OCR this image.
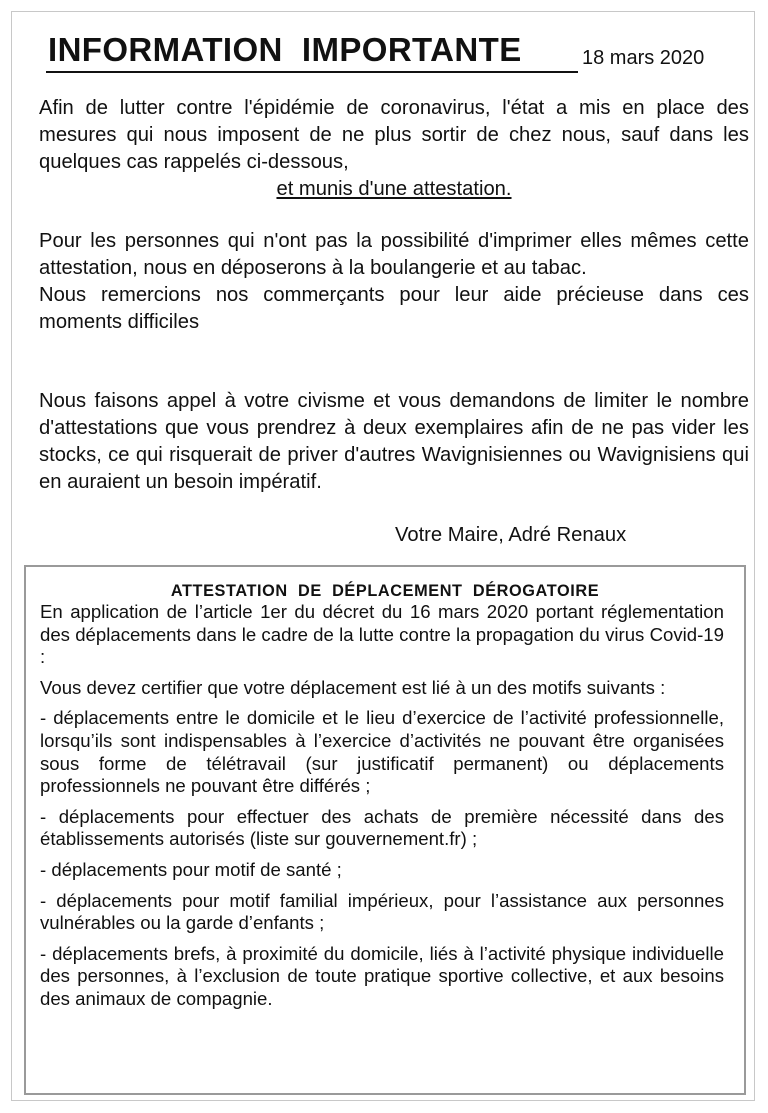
INFORMATION  IMPORTANTE	18 mars 2020

Afin de lutter contre l'épidémie de coronavirus, l'état a mis en place des mesures qui nous imposent de ne plus sortir de chez nous, sauf dans les quelques cas rappelés ci-dessous,

et munis d'une attestation.

Pour les personnes qui n'ont pas la possibilité d'imprimer elles mêmes cette attestation, nous en déposerons à la boulangerie et au tabac.

Nous remercions nos commerçants pour leur aide précieuse dans ces moments difficiles

Nous faisons appel à votre civisme et vous demandons de limiter le nombre d'attestations que vous prendrez à deux exemplaires afin de ne pas vider les stocks, ce qui risquerait de priver d'autres Wavignisiennes ou Wavignisiens qui en auraient un besoin impératif.

Votre Maire, Adré Renaux
ATTESTATION  DE  DÉPLACEMENT  DÉROGATOIRE

En application de l’article 1er du décret du 16 mars 2020 portant réglementation des déplacements dans le cadre de la lutte contre la propagation du virus Covid-19 :

Vous devez certifier que votre déplacement est lié à un des motifs suivants :

- déplacements entre le domicile et le lieu d’exercice de l’activité professionnelle, lorsqu’ils sont indispensables à l’exercice d’activités ne pouvant être organisées sous forme de télétravail (sur justificatif permanent) ou déplacements professionnels ne pouvant être différés ;

- déplacements pour effectuer des achats de première nécessité dans des établissements autorisés (liste sur gouvernement.fr) ;

- déplacements pour motif de santé ;

- déplacements pour motif familial impérieux, pour l’assistance aux personnes vulnérables ou la garde d’enfants ;

- déplacements brefs, à proximité du domicile, liés à l’activité physique individuelle des personnes, à l’exclusion de toute pratique sportive collective, et aux besoins des animaux de compagnie.
